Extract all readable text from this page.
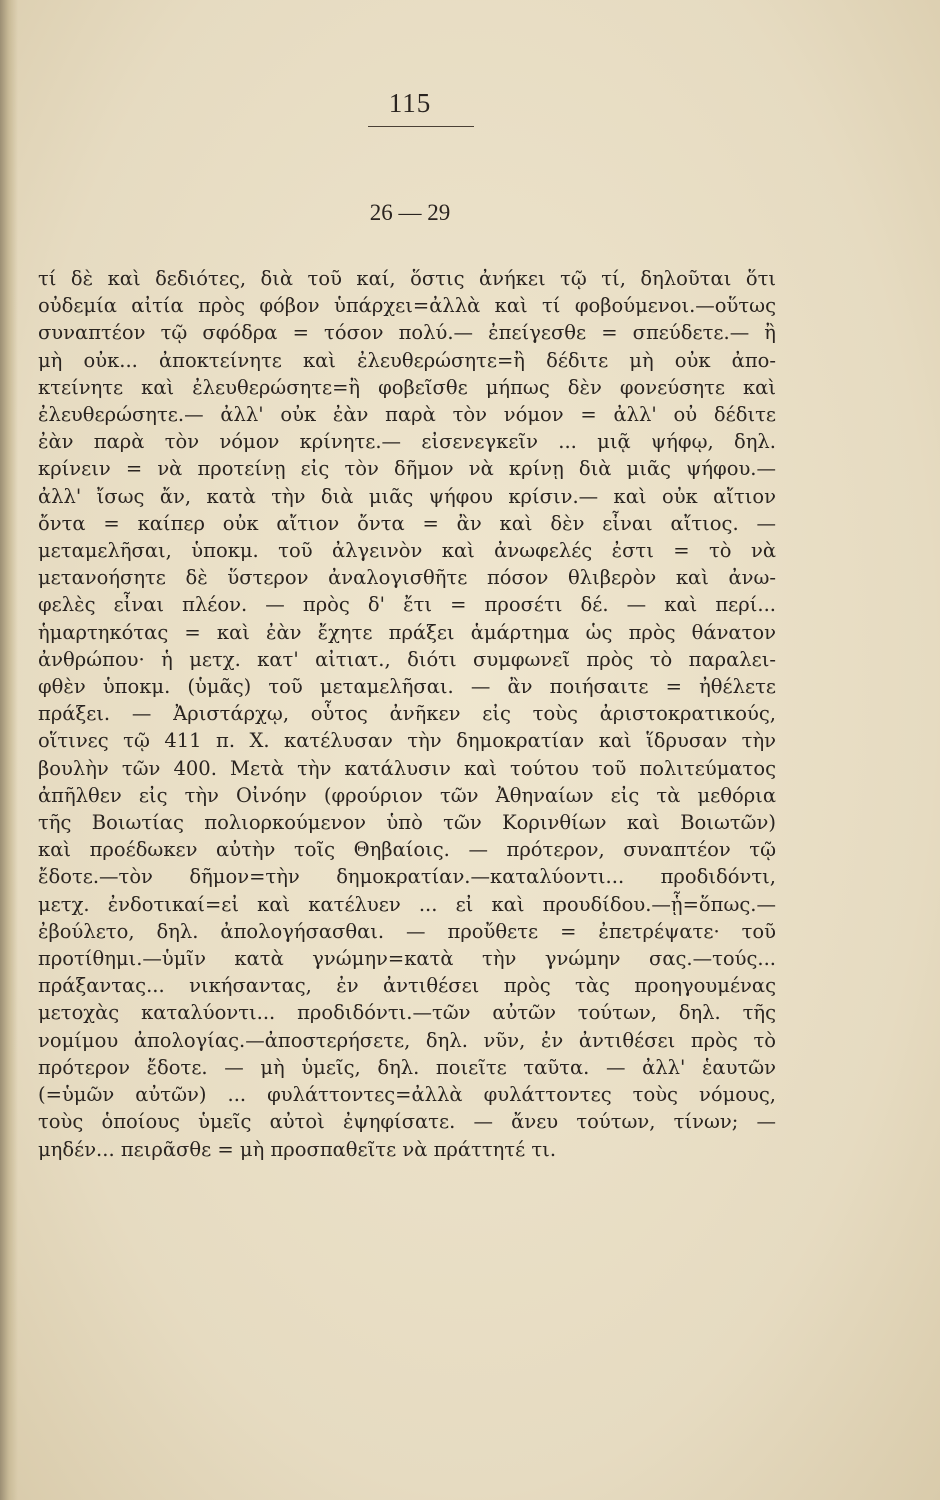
115
26 — 29
τί δὲ καὶ δεδιότες, διὰ τοῦ καί, ὅστις ἀνήκει τῷ τί, δηλοῦται ὅτι
οὐδεμία αἰτία πρὸς φόβον ὑπάρχει=ἀλλὰ καὶ τί φοβούμενοι.—οὕτως
συναπτέον τῷ σφόδρα = τόσον πολύ.— ἐπείγεσθε = σπεύδετε.— ἢ
μὴ οὐκ... ἀποκτείνητε καὶ ἐλευθερώσητε=ἢ δέδιτε μὴ οὐκ ἀπο-
κτείνητε καὶ ἐλευθερώσητε=ἢ φοβεῖσθε μήπως δὲν φονεύσητε καὶ
ἐλευθερώσητε.— ἀλλ' οὐκ ἐὰν παρὰ τὸν νόμον = ἀλλ' οὐ δέδιτε
ἐὰν παρὰ τὸν νόμον κρίνητε.— εἰσενεγκεῖν ... μιᾷ ψήφῳ, δηλ.
κρίνειν = νὰ προτείνῃ εἰς τὸν δῆμον νὰ κρίνῃ διὰ μιᾶς ψήφου.—
ἀλλ' ἴσως ἄν, κατὰ τὴν διὰ μιᾶς ψήφου κρίσιν.— καὶ οὐκ αἴτιον
ὄντα = καίπερ οὐκ αἴτιον ὄντα = ἂν καὶ δὲν εἶναι αἴτιος. —
μεταμελῆσαι, ὑποκμ. τοῦ ἀλγεινὸν καὶ ἀνωφελές ἐστι = τὸ νὰ
μετανοήσητε δὲ ὕστερον ἀναλογισθῆτε πόσον θλιβερὸν καὶ ἀνω-
φελὲς εἶναι πλέον. — πρὸς δ' ἔτι = προσέτι δέ. — καὶ περί...
ἡμαρτηκότας = καὶ ἐὰν ἔχητε πράξει ἁμάρτημα ὡς πρὸς θάνατον
ἀνθρώπου· ἡ μετχ. κατ' αἰτιατ., διότι συμφωνεῖ πρὸς τὸ παραλει-
φθὲν ὑποκμ. (ὑμᾶς) τοῦ μεταμελῆσαι. — ἂν ποιήσαιτε = ἠθέλετε
πράξει. — Ἀριστάρχῳ, οὗτος ἀνῆκεν εἰς τοὺς ἀριστοκρατικούς,
οἵτινες τῷ 411 π. Χ. κατέλυσαν τὴν δημοκρατίαν καὶ ἵδρυσαν τὴν
βουλὴν τῶν 400. Μετὰ τὴν κατάλυσιν καὶ τούτου τοῦ πολιτεύματος
ἀπῆλθεν εἰς τὴν Οἰνόην (φρούριον τῶν Ἀθηναίων εἰς τὰ μεθόρια
τῆς Βοιωτίας πολιορκούμενον ὑπὸ τῶν Κορινθίων καὶ Βοιωτῶν)
καὶ προέδωκεν αὐτὴν τοῖς Θηβαίοις. — πρότερον, συναπτέον τῷ
ἔδοτε.—τὸν δῆμον=τὴν δημοκρατίαν.—καταλύοντι... προδιδόντι,
μετχ. ἐνδοτικαί=εἰ καὶ κατέλυεν ... εἰ καὶ προυδίδου.—ᾗ=ὅπως.—
ἐβούλετο, δηλ. ἀπολογήσασθαι. — προὔθετε = ἐπετρέψατε· τοῦ
προτίθημι.—ὑμῖν κατὰ γνώμην=κατὰ τὴν γνώμην σας.—τούς...
πράξαντας... νικήσαντας, ἐν ἀντιθέσει πρὸς τὰς προηγουμένας
μετοχὰς καταλύοντι... προδιδόντι.—τῶν αὐτῶν τούτων, δηλ. τῆς
νομίμου ἀπολογίας.—ἀποστερήσετε, δηλ. νῦν, ἐν ἀντιθέσει πρὸς τὸ
πρότερον ἔδοτε. — μὴ ὑμεῖς, δηλ. ποιεῖτε ταῦτα. — ἀλλ' ἑαυτῶν
(=ὑμῶν αὐτῶν) ... φυλάττοντες=ἀλλὰ φυλάττοντες τοὺς νόμους,
τοὺς ὁποίους ὑμεῖς αὐτοὶ ἐψηφίσατε. — ἄνευ τούτων, τίνων; —
μηδέν... πειρᾶσθε = μὴ προσπαθεῖτε νὰ πράττητέ τι.
